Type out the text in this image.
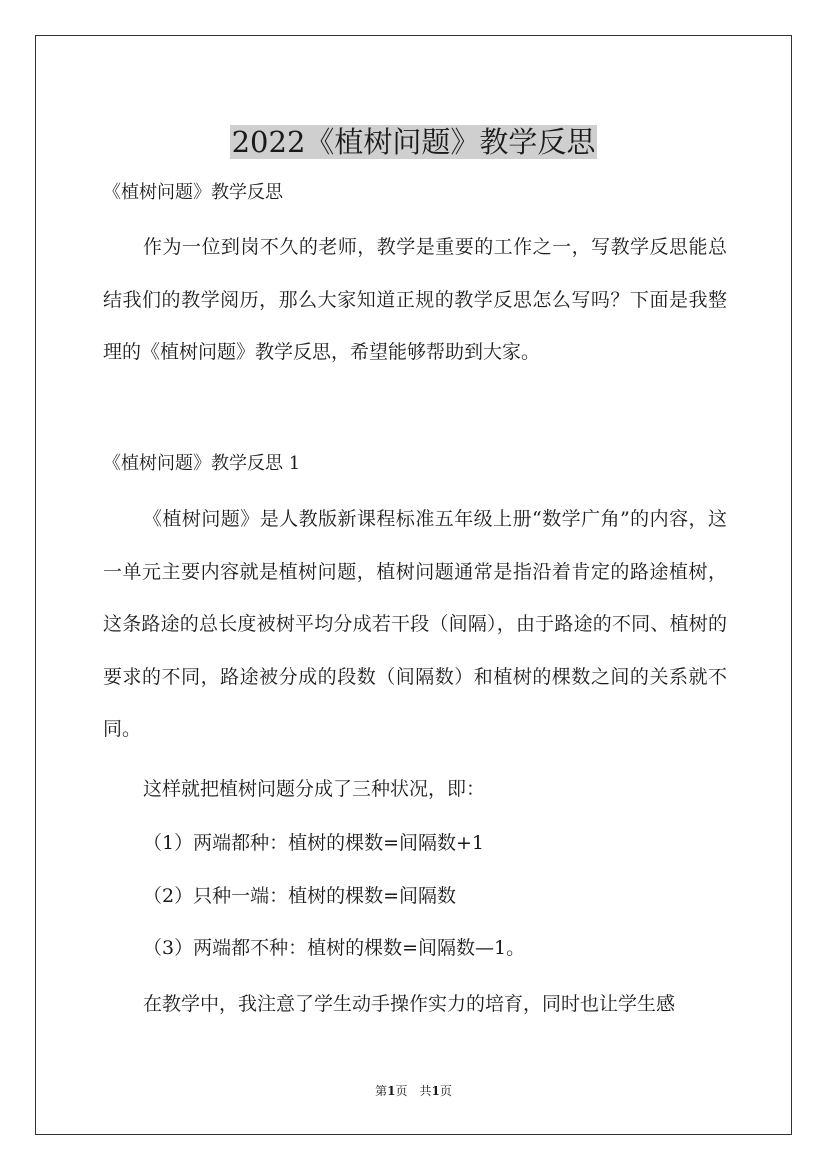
2022《植树问题》教学反思
《植树问题》教学反思

作为一位到岗不久的老师，教学是重要的工作之一，写教学反思能总结我们的教学阅历，那么大家知道正规的教学反思怎么写吗？下面是我整理的《植树问题》教学反思，希望能够帮助到大家。

《植树问题》教学反思 1

《植树问题》是人教版新课程标准五年级上册“数学广角”的内容，这一单元主要内容就是植树问题，植树问题通常是指沿着肯定的路途植树，这条路途的总长度被树平均分成若干段（间隔），由于路途的不同、植树的要求的不同，路途被分成的段数（间隔数）和植树的棵数之间的关系就不同。

这样就把植树问题分成了三种状况，即：
（1）两端都种：植树的棵数=间隔数+1
（2）只种一端：植树的棵数=间隔数
（3）两端都不种：植树的棵数=间隔数—1。
在教学中，我注意了学生动手操作实力的培育，同时也让学生感
第1页　共1页
